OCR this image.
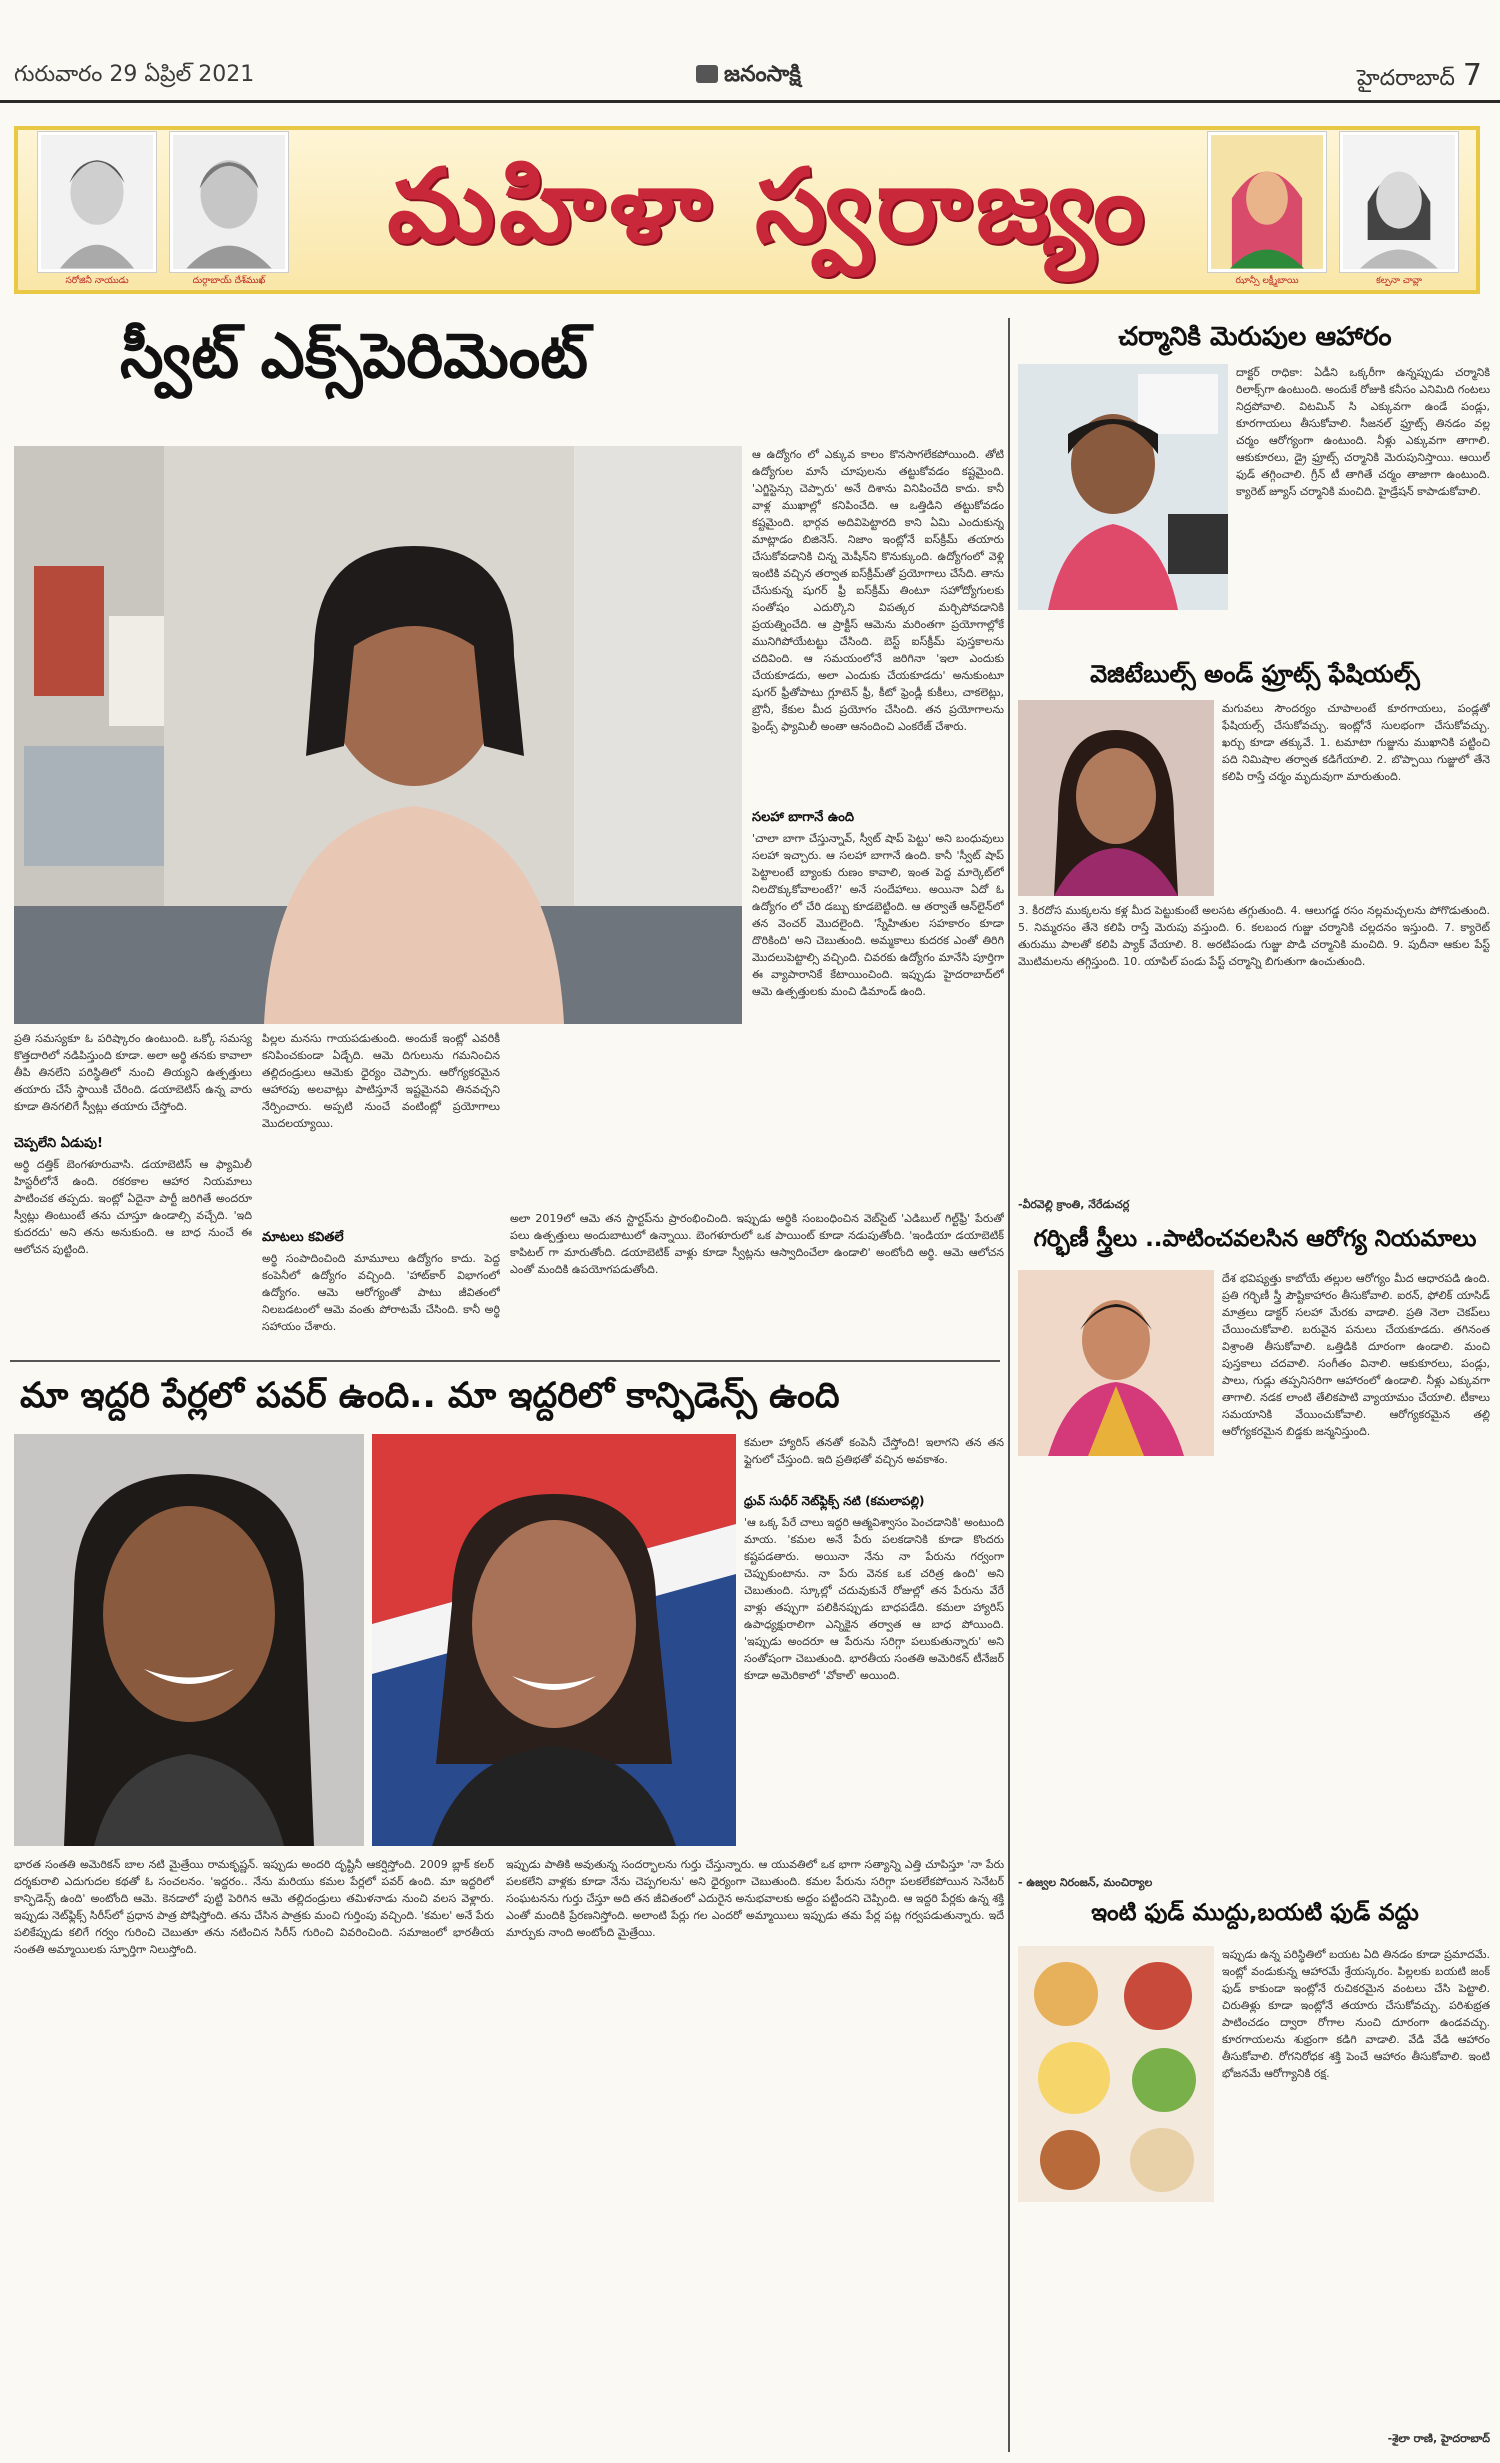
గురువారం 29 ఏప్రిల్ 2021	జనంసాక్షి	హైదరాబాద్ 7
సరోజినీ నాయుడు	దుర్గాబాయ్ దేశ్‌ముఖ్
మహిళా స్వరాజ్యం
ఝాన్సీ లక్ష్మీబాయి	కల్పనా చావ్లా
స్వీట్ ఎక్స్‌పెరిమెంట్
ఆ ఉద్యోగం లో ఎక్కువ కాలం కొనసాగలేకపోయింది. తోటి ఉద్యోగుల మాసే చూపులను తట్టుకోవడం కష్టమైంది. 'ఎగ్జిస్టెన్సు చెప్పారు' అనే దిశాను వినిపించేది కాదు. కానీ వాళ్ల ముఖాల్లో కనిపించేది. ఆ ఒత్తిడిని తట్టుకోవడం కష్టమైంది. భార్గవ అదివిపెట్టారది కాని ఏమి ఎందుకున్న మాట్లాడం బిజినెస్. నిజాం ఇంట్లోనే ఐస్‌క్రీమ్ తయారు చేసుకోవడానికి చిన్న మెషీన్‌ని కొనుక్కుంది. ఉద్యోగంలో వెళ్లి ఇంటికి వచ్చిన తర్వాత ఐస్‌క్రీమ్‌తో ప్రయోగాలు చేసేది. తాను చేసుకున్న షుగర్ ఫ్రీ ఐస్‌క్రీమ్ తింటూ సహోద్యోగులకు సంతోషం ఎదుర్కొని విపత్కర మర్చిపోవడానికి ప్రయత్నించేది. ఆ ప్రాక్టీస్ ఆమెను మరింతగా ప్రయోగాల్లోకే మునిగిపోయేటట్టు చేసింది. బెస్ట్ ఐస్‌క్రీమ్ పుస్తకాలను చదివింది. ఆ సమయంలోనే జరిగినా 'ఇలా ఎందుకు చేయకూడదు, అలా ఎందుకు చేయకూడదు' అనుకుంటూ షుగర్ ఫ్రీతోపాటు గ్లూటెన్ ఫ్రీ, కీటో ఫ్రెండ్లీ కుకీలు, చాకలెట్లు, బ్రౌనీ, కేకుల మీద ప్రయోగం చేసింది. తన ప్రయోగాలను ఫ్రెండ్స్ ఫ్యామిలీ అంతా ఆనందించి ఎంకరేజ్ చేశారు.
సలహా బాగానే ఉంది
'చాలా బాగా చేస్తున్నావ్, స్వీట్ షాప్ పెట్టు' అని బంధువులు సలహా ఇచ్చారు. ఆ సలహా బాగానే ఉంది. కానీ 'స్వీట్ షాప్ పెట్టాలంటే బ్యాంకు రుణం కావాలి, ఇంత పెద్ద మార్కెట్‌లో నిలదొక్కుకోవాలంటే?' అనే సందేహాలు. అయినా ఏదో ఓ ఉద్యోగం లో చేరి డబ్బు కూడబెట్టింది. ఆ తర్వాతే ఆన్‌లైన్‌లో తన వెంచర్ మొదలైంది. 'స్నేహితుల సహకారం కూడా దొరికింది' అని చెబుతుంది. అమ్మకాలు కుదరక ఎంతో తిరిగి మొదలుపెట్టాల్సి వచ్చింది. చివరకు ఉద్యోగం మానేసి పూర్తిగా ఈ వ్యాపారానికే కేటాయించింది. ఇప్పుడు హైదరాబాద్‌లో ఆమె ఉత్పత్తులకు మంచి డిమాండ్ ఉంది.
ప్రతి సమస్యకూ ఓ పరిష్కారం ఉంటుంది. ఒక్కో సమస్య కొత్తదారిలో నడిపిస్తుంది కూడా. అలా అర్థి తనకు కావాలా తీపి తినలేని పరిస్థితిలో నుంచి తియ్యని ఉత్పత్తులు తయారు చేసే స్థాయికి చేరింది. డయాబెటిస్ ఉన్న వారు కూడా తినగలిగే స్వీట్లు తయారు చేస్తోంది.
చెప్పలేని ఏడుపు!
అర్థి దత్తిక్ బెంగళూరువాసి. డయాబెటిస్ ఆ ఫ్యామిలీ హిస్టరీలోనే ఉంది. రకరకాల ఆహార నియమాలు పాటించక తప్పదు. ఇంట్లో ఏదైనా పార్టీ జరిగితే అందరూ స్వీట్లు తింటుంటే తను చూస్తూ ఉండాల్సి వచ్చేది. 'ఇది కుదరదు' అని తను అనుకుంది. ఆ బాధ నుంచే ఈ ఆలోచన పుట్టింది.
పిల్లల మనసు గాయపడుతుంది. అందుకే ఇంట్లో ఎవరికీ కనిపించకుండా ఏడ్చేది. ఆమె దిగులును గమనించిన తల్లిదండ్రులు ఆమెకు ధైర్యం చెప్పారు. ఆరోగ్యకరమైన ఆహారపు అలవాట్లు పాటిస్తూనే ఇష్టమైనవి తినవచ్చని నేర్పించారు. అప్పటి నుంచే వంటింట్లో ప్రయోగాలు మొదలయ్యాయి.
మాటలు కవితలే
అర్థి సంపాదించింది మామూలు ఉద్యోగం కాదు. పెద్ద కంపెనీలో ఉద్యోగం వచ్చింది. 'హాట్‌కార్ విభాగంలో ఉద్యోగం. ఆమె ఆరోగ్యంతో పాటు జీవితంలో నిలబడటంలో ఆమె వంతు పోరాటమే చేసింది. కానీ అర్థి సహాయం చేశారు.
అలా 2019లో ఆమె తన స్టార్టప్‌ను ప్రారంభించింది. ఇప్పుడు అర్థికి సంబంధించిన వెబ్‌సైట్ 'ఎడిబుల్ గిల్ట్‌ఫ్రీ' పేరుతో పలు ఉత్పత్తులు అందుబాటులో ఉన్నాయి. బెంగళూరులో ఒక పాయింట్ కూడా నడుపుతోంది. 'ఇండియా డయాబెటిక్ కాపిటల్ గా మారుతోంది. డయాబెటిక్ వాళ్లు కూడా స్వీట్లను ఆస్వాదించేలా ఉండాలి' అంటోంది అర్థి. ఆమె ఆలోచన ఎంతో మందికి ఉపయోగపడుతోంది.
మా ఇద్దరి పేర్లలో పవర్ ఉంది.. మా ఇద్దరిలో కాన్ఫిడెన్స్ ఉంది
కమలా హ్యారిస్ తనతో కంపెనీ చేస్తోంది! ఇలాగని తన తన ఫ్లైగులో చేస్తుంది. ఇది ప్రతిభతో వచ్చిన అవకాశం.
ధ్రువ్ సుధీర్ నెట్‌ఫ్లిక్స్ నటి (కమలాపల్లి)
'ఆ ఒక్క పేరే చాలు ఇద్దరి ఆత్మవిశ్వాసం పెంచడానికి' అంటుంది మాయ. 'కమల అనే పేరు పలకడానికి కూడా కొందరు కష్టపడతారు. అయినా నేను నా పేరును గర్వంగా చెప్పుకుంటాను. నా పేరు వెనక ఒక చరిత్ర ఉంది' అని చెబుతుంది. స్కూల్లో చదువుకునే రోజుల్లో తన పేరును వేరే వాళ్లు తప్పుగా పలికినప్పుడు బాధపడేది. కమలా హ్యారిస్ ఉపాధ్యక్షురాలిగా ఎన్నికైన తర్వాత ఆ బాధ పోయింది. 'ఇప్పుడు అందరూ ఆ పేరును సరిగ్గా పలుకుతున్నారు' అని సంతోషంగా చెబుతుంది. భారతీయ సంతతి అమెరికన్ టీనేజర్ కూడా అమెరికాలో 'వోకాల్' అయింది.
భారత సంతతి అమెరికన్ బాల నటి మైత్రేయి రామకృష్ణన్. ఇప్పుడు అందరి దృష్టినీ ఆకర్షిస్తోంది. 2009 బ్లాక్ కలర్ దర్శకురాలి ఎదుగుదల కథతో ఓ సంచలనం. 'ఇద్దరం.. నేను మరియు కమల పేర్లలో పవర్ ఉంది. మా ఇద్దరిలో కాన్ఫిడెన్స్ ఉంది' అంటోంది ఆమె. కెనడాలో పుట్టి పెరిగిన ఆమె తల్లిదండ్రులు తమిళనాడు నుంచి వలస వెళ్లారు. ఇప్పుడు నెట్‌ఫ్లిక్స్ సిరీస్‌లో ప్రధాన పాత్ర పోషిస్తోంది. తను చేసిన పాత్రకు మంచి గుర్తింపు వచ్చింది. 'కమల' అనే పేరు పలికేప్పుడు కలిగే గర్వం గురించి చెబుతూ తను నటించిన సిరీస్ గురించి వివరించింది. సమాజంలో భారతీయ సంతతి అమ్మాయిలకు స్ఫూర్తిగా నిలుస్తోంది.
ఇప్పుడు పాతికి అవుతున్న సందర్భాలను గుర్తు చేస్తున్నారు. ఆ యువతిలో ఒక భాగా సత్యాన్ని ఎత్తి చూపిస్తూ 'నా పేరు పలకలేని వాళ్లకు కూడా నేను చెప్పగలను' అని ధైర్యంగా చెబుతుంది. కమల పేరును సరిగ్గా పలకలేకపోయిన సెనేటర్ సంఘటనను గుర్తు చేస్తూ అది తన జీవితంలో ఎదురైన అనుభవాలకు అద్దం పట్టిందని చెప్పింది. ఆ ఇద్దరి పేర్లకు ఉన్న శక్తి ఎంతో మందికి ప్రేరణనిస్తోంది. అలాంటి పేర్లు గల ఎందరో అమ్మాయిలు ఇప్పుడు తమ పేర్ల పట్ల గర్వపడుతున్నారు. ఇదే మార్పుకు నాంది అంటోంది మైత్రేయి.
చర్మానికి మెరుపుల ఆహారం
దాక్టర్ రాధికా: ఏడీని ఒక్కరీగా ఉన్నప్పుడు చర్మానికి రిలాక్స్‌గా ఉంటుంది. అందుకే రోజుకి కనీసం ఎనిమిది గంటలు నిద్రపోవాలి. విటమిన్ సి ఎక్కువగా ఉండే పండ్లు, కూరగాయలు తీసుకోవాలి. సీజనల్ ఫ్రూట్స్ తినడం వల్ల చర్మం ఆరోగ్యంగా ఉంటుంది. నీళ్లు ఎక్కువగా తాగాలి. ఆకుకూరలు, డ్రై ఫ్రూట్స్ చర్మానికి మెరుపునిస్తాయి. ఆయిల్ ఫుడ్ తగ్గించాలి. గ్రీన్ టీ తాగితే చర్మం తాజాగా ఉంటుంది. క్యారెట్ జ్యూస్ చర్మానికి మంచిది. హైడ్రేషన్ కాపాడుకోవాలి.
వెజిటేబుల్స్ అండ్ ఫ్రూట్స్ ఫేషియల్స్
మగువలు సౌందర్యం చూపాలంటే కూరగాయలు, పండ్లతో ఫేషియల్స్ చేసుకోవచ్చు. ఇంట్లోనే సులభంగా చేసుకోవచ్చు. ఖర్చు కూడా తక్కువే. 1. టమాటా గుజ్జును ముఖానికి పట్టించి పది నిమిషాల తర్వాత కడిగేయాలి. 2. బొప్పాయి గుజ్జులో తేనె కలిపి రాస్తే చర్మం మృదువుగా మారుతుంది.
3. కీరదోస ముక్కలను కళ్ల మీద పెట్టుకుంటే అలసట తగ్గుతుంది. 4. ఆలుగడ్డ రసం నల్లమచ్చలను పోగొడుతుంది. 5. నిమ్మరసం తేనె కలిపి రాస్తే మెరుపు వస్తుంది. 6. కలబంద గుజ్జు చర్మానికి చల్లదనం ఇస్తుంది. 7. క్యారెట్ తురుము పాలతో కలిపి ప్యాక్ వేయాలి. 8. అరటిపండు గుజ్జు పొడి చర్మానికి మంచిది. 9. పుదీనా ఆకుల పేస్ట్ మొటిమలను తగ్గిస్తుంది. 10. యాపిల్ పండు పేస్ట్ చర్మాన్ని బిగుతుగా ఉంచుతుంది.
-వీరవెల్లి క్రాంతి, నేరేడుచర్ల
గర్భిణీ స్త్రీలు ..పాటించవలసిన ఆరోగ్య నియమాలు
దేశ భవిష్యత్తు కాబోయే తల్లుల ఆరోగ్యం మీద ఆధారపడి ఉంది. ప్రతి గర్భిణీ స్త్రీ పౌష్టికాహారం తీసుకోవాలి. ఐరన్, ఫోలిక్ యాసిడ్ మాత్రలు డాక్టర్ సలహా మేరకు వాడాలి. ప్రతి నెలా చెకప్‌లు చేయించుకోవాలి. బరువైన పనులు చేయకూడదు. తగినంత విశ్రాంతి తీసుకోవాలి. ఒత్తిడికి దూరంగా ఉండాలి. మంచి పుస్తకాలు చదవాలి. సంగీతం వినాలి. ఆకుకూరలు, పండ్లు, పాలు, గుడ్లు తప్పనిసరిగా ఆహారంలో ఉండాలి. నీళ్లు ఎక్కువగా తాగాలి. నడక లాంటి తేలికపాటి వ్యాయామం చేయాలి. టీకాలు సమయానికి వేయించుకోవాలి. ఆరోగ్యకరమైన తల్లి ఆరోగ్యకరమైన బిడ్డకు జన్మనిస్తుంది.
- ఉజ్వల నిరంజన్, మంచిర్యాల
ఇంటి ఫుడ్ ముద్దు,బయటి ఫుడ్ వద్దు
ఇప్పుడు ఉన్న పరిస్థితిలో బయట ఏది తినడం కూడా ప్రమాదమే. ఇంట్లో వండుకున్న ఆహారమే శ్రేయస్కరం. పిల్లలకు బయటి జంక్ ఫుడ్ కాకుండా ఇంట్లోనే రుచికరమైన వంటలు చేసి పెట్టాలి. చిరుతిళ్లు కూడా ఇంట్లోనే తయారు చేసుకోవచ్చు. పరిశుభ్రత పాటించడం ద్వారా రోగాల నుంచి దూరంగా ఉండవచ్చు. కూరగాయలను శుభ్రంగా కడిగి వాడాలి. వేడి వేడి ఆహారం తీసుకోవాలి. రోగనిరోధక శక్తి పెంచే ఆహారం తీసుకోవాలి. ఇంటి భోజనమే ఆరోగ్యానికి రక్ష.
-శైలా రాణి, హైదరాబాద్
